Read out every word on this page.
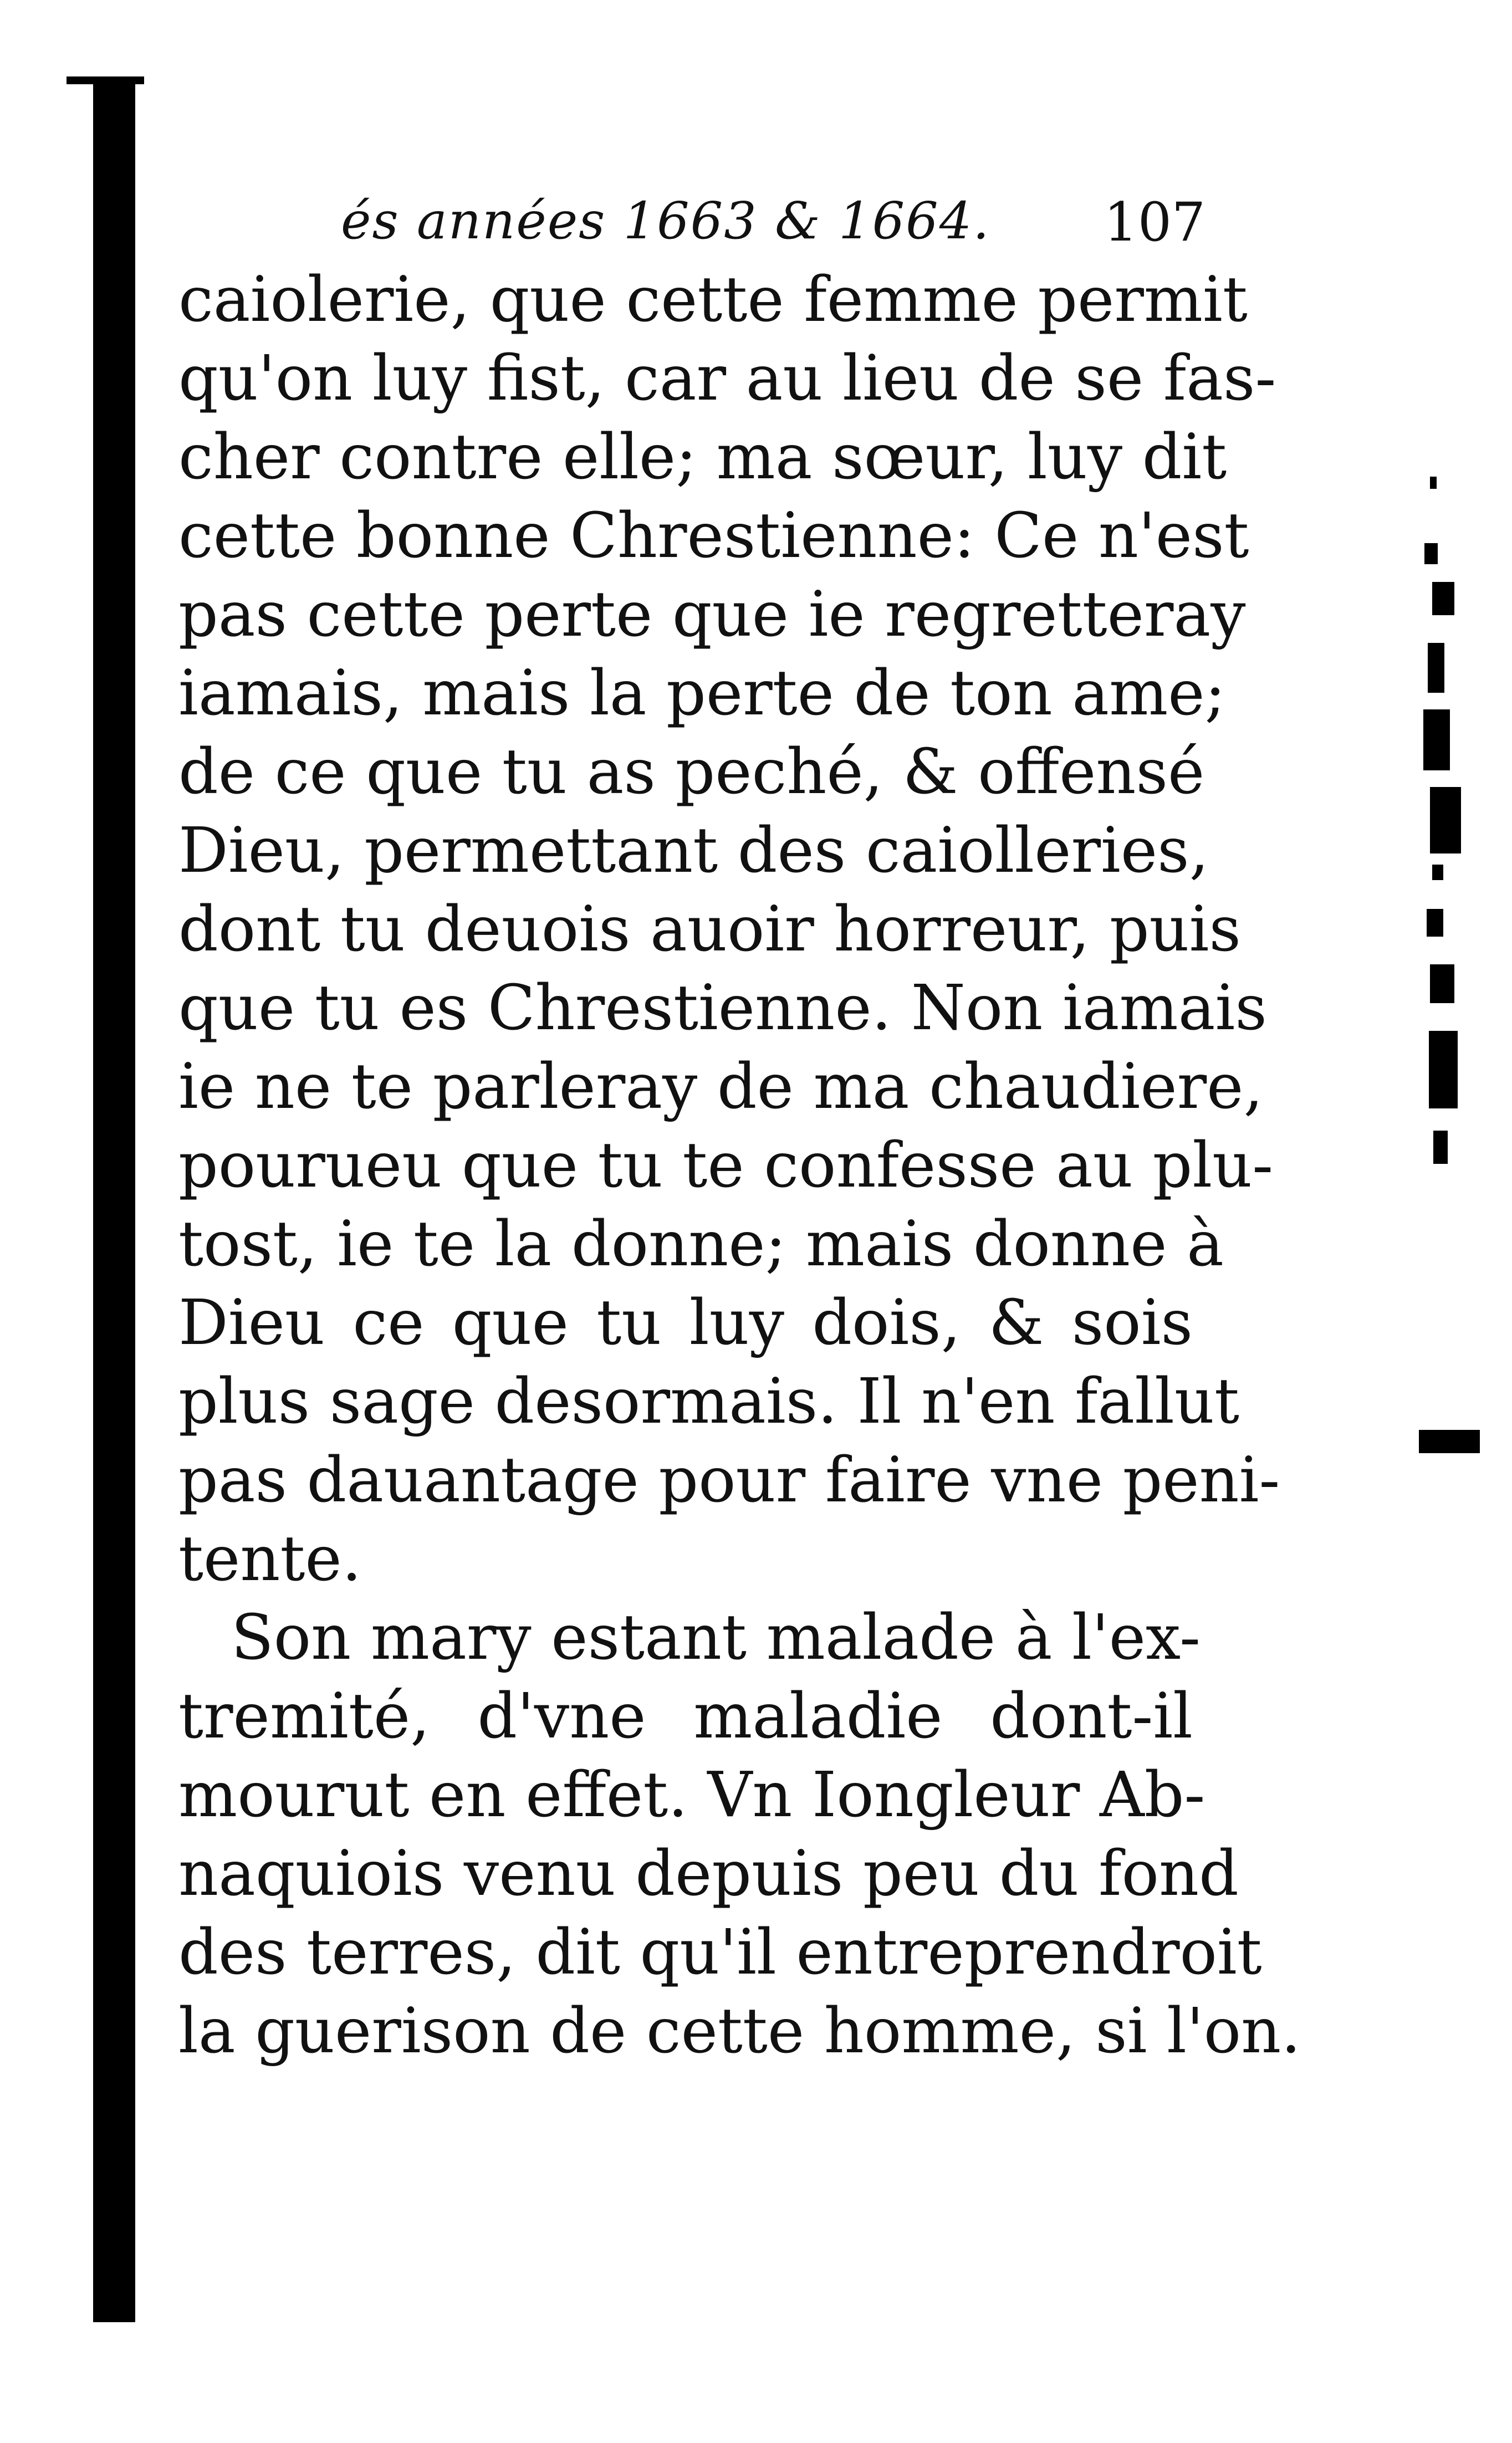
és années 1663 & 1664. 107
caiolerie, que cette femme permit
qu'on luy fist, car au lieu de se fas-
cher contre elle; ma sœur, luy dit
cette bonne Chrestienne: Ce n'est
pas cette perte que ie regretteray
iamais, mais la perte de ton ame;
de ce que tu as peché, & offensé
Dieu, permettant des caiolleries,
dont tu deuois auoir horreur, puis
que tu es Chrestienne. Non iamais
ie ne te parleray de ma chaudiere,
pourueu que tu te confesse au plu-
tost, ie te la donne; mais donne à
Dieu ce que tu luy dois, & sois
plus sage desormais. Il n'en fallut
pas dauantage pour faire vne peni-
tente.
Son mary estant malade à l'ex-
tremité, d'vne maladie dont-il
mourut en effet. Vn Iongleur Ab-
naquiois venu depuis peu du fond
des terres, dit qu'il entreprendroit
la guerison de cette homme, si l'on.
